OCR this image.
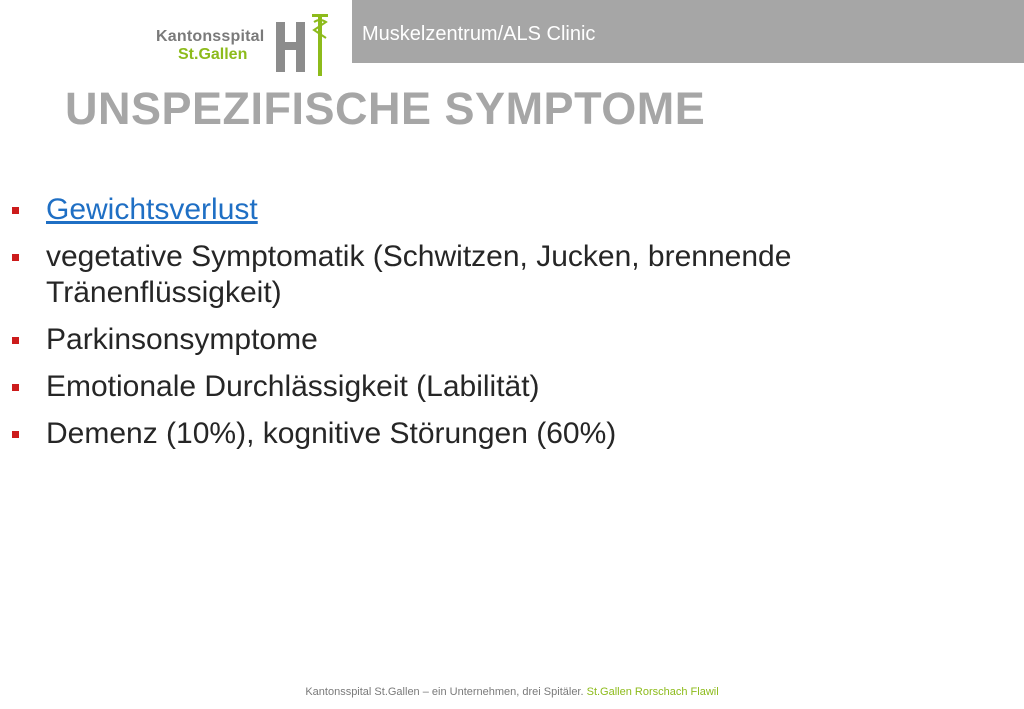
Kantonsspital
St.Gallen
Muskelzentrum/ALS Clinic
UNSPEZIFISCHE SYMPTOME
Gewichtsverlust
vegetative Symptomatik (Schwitzen, Jucken, brennende Tränenflüssigkeit)
Parkinsonsymptome
Emotionale Durchlässigkeit (Labilität)
Demenz (10%), kognitive Störungen (60%)
Kantonsspital St.Gallen – ein Unternehmen, drei Spitäler. St.Gallen Rorschach Flawil
